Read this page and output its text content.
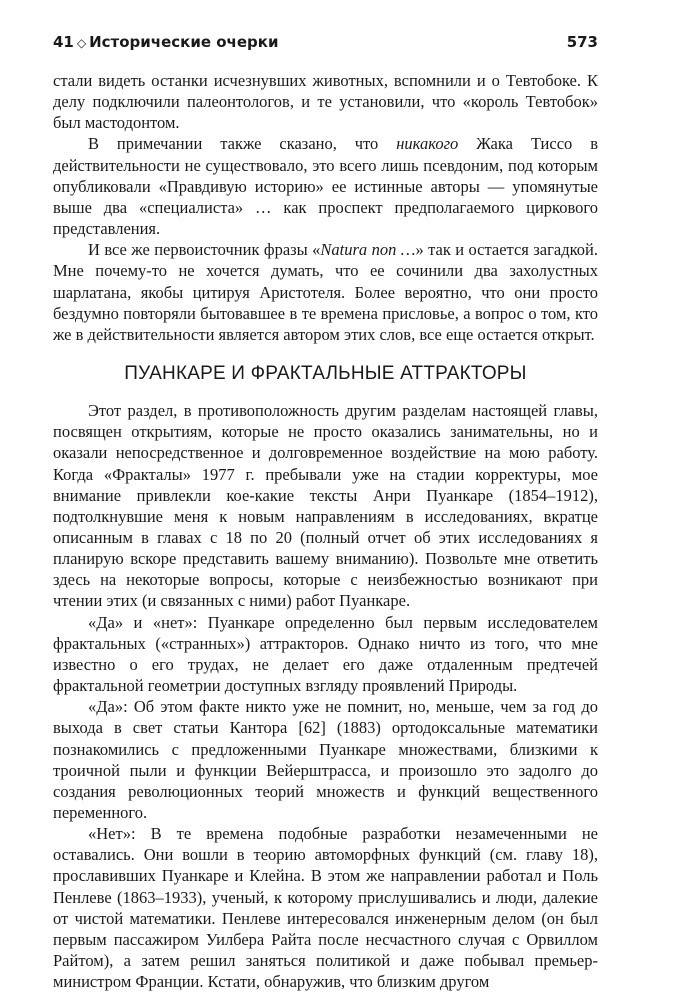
41 ◇ Исторические очерки	573

стали видеть останки исчезнувших животных, вспомнили и о Тевтобоке. К делу подключили палеонтологов, и те установили, что «король Тевтобок» был мастодонтом.

В примечании также сказано, что никакого Жака Тиссо в действительности не существовало, это всего лишь псевдоним, под которым опубликовали «Правдивую историю» ее истинные авторы — упомянутые выше два «специалиста» … как проспект предполагаемого циркового представления.

И все же первоисточник фразы «Natura non …» так и остается загадкой. Мне почему-то не хочется думать, что ее сочинили два захолустных шарлатана, якобы цитируя Аристотеля. Более вероятно, что они просто бездумно повторяли бытовавшее в те времена присловье, а вопрос о том, кто же в действительности является автором этих слов, все еще остается открыт.

ПУАНКАРЕ И ФРАКТАЛЬНЫЕ АТТРАКТОРЫ

Этот раздел, в противоположность другим разделам настоящей главы, посвящен открытиям, которые не просто оказались занимательны, но и оказали непосредственное и долговременное воздействие на мою работу. Когда «Фракталы» 1977 г. пребывали уже на стадии корректуры, мое внимание привлекли кое-какие тексты Анри Пуанкаре (1854–1912), подтолкнувшие меня к новым направлениям в исследованиях, вкратце описанным в главах с 18 по 20 (полный отчет об этих исследованиях я планирую вскоре представить вашему вниманию). Позвольте мне ответить здесь на некоторые вопросы, которые с неизбежностью возникают при чтении этих (и связанных с ними) работ Пуанкаре.

«Да» и «нет»: Пуанкаре определенно был первым исследователем фрактальных («странных») аттракторов. Однако ничто из того, что мне известно о его трудах, не делает его даже отдаленным предтечей фрактальной геометрии доступных взгляду проявлений Природы.

«Да»: Об этом факте никто уже не помнит, но, меньше, чем за год до выхода в свет статьи Кантора [62] (1883) ортодоксальные математики познакомились с предложенными Пуанкаре множествами, близкими к троичной пыли и функции Вейерштрасса, и произошло это задолго до создания революционных теорий множеств и функций вещественного переменного.

«Нет»: В те времена подобные разработки незамеченными не оставались. Они вошли в теорию автоморфных функций (см. главу 18), прославивших Пуанкаре и Клейна. В этом же направлении работал и Поль Пенлеве (1863–1933), ученый, к которому прислушивались и люди, далекие от чистой математики. Пенлеве интересовался инженерным делом (он был первым пассажиром Уилбера Райта после несчастного случая с Орвиллом Райтом), а затем решил заняться политикой и даже побывал премьер-министром Франции. Кстати, обнаружив, что близким другом
